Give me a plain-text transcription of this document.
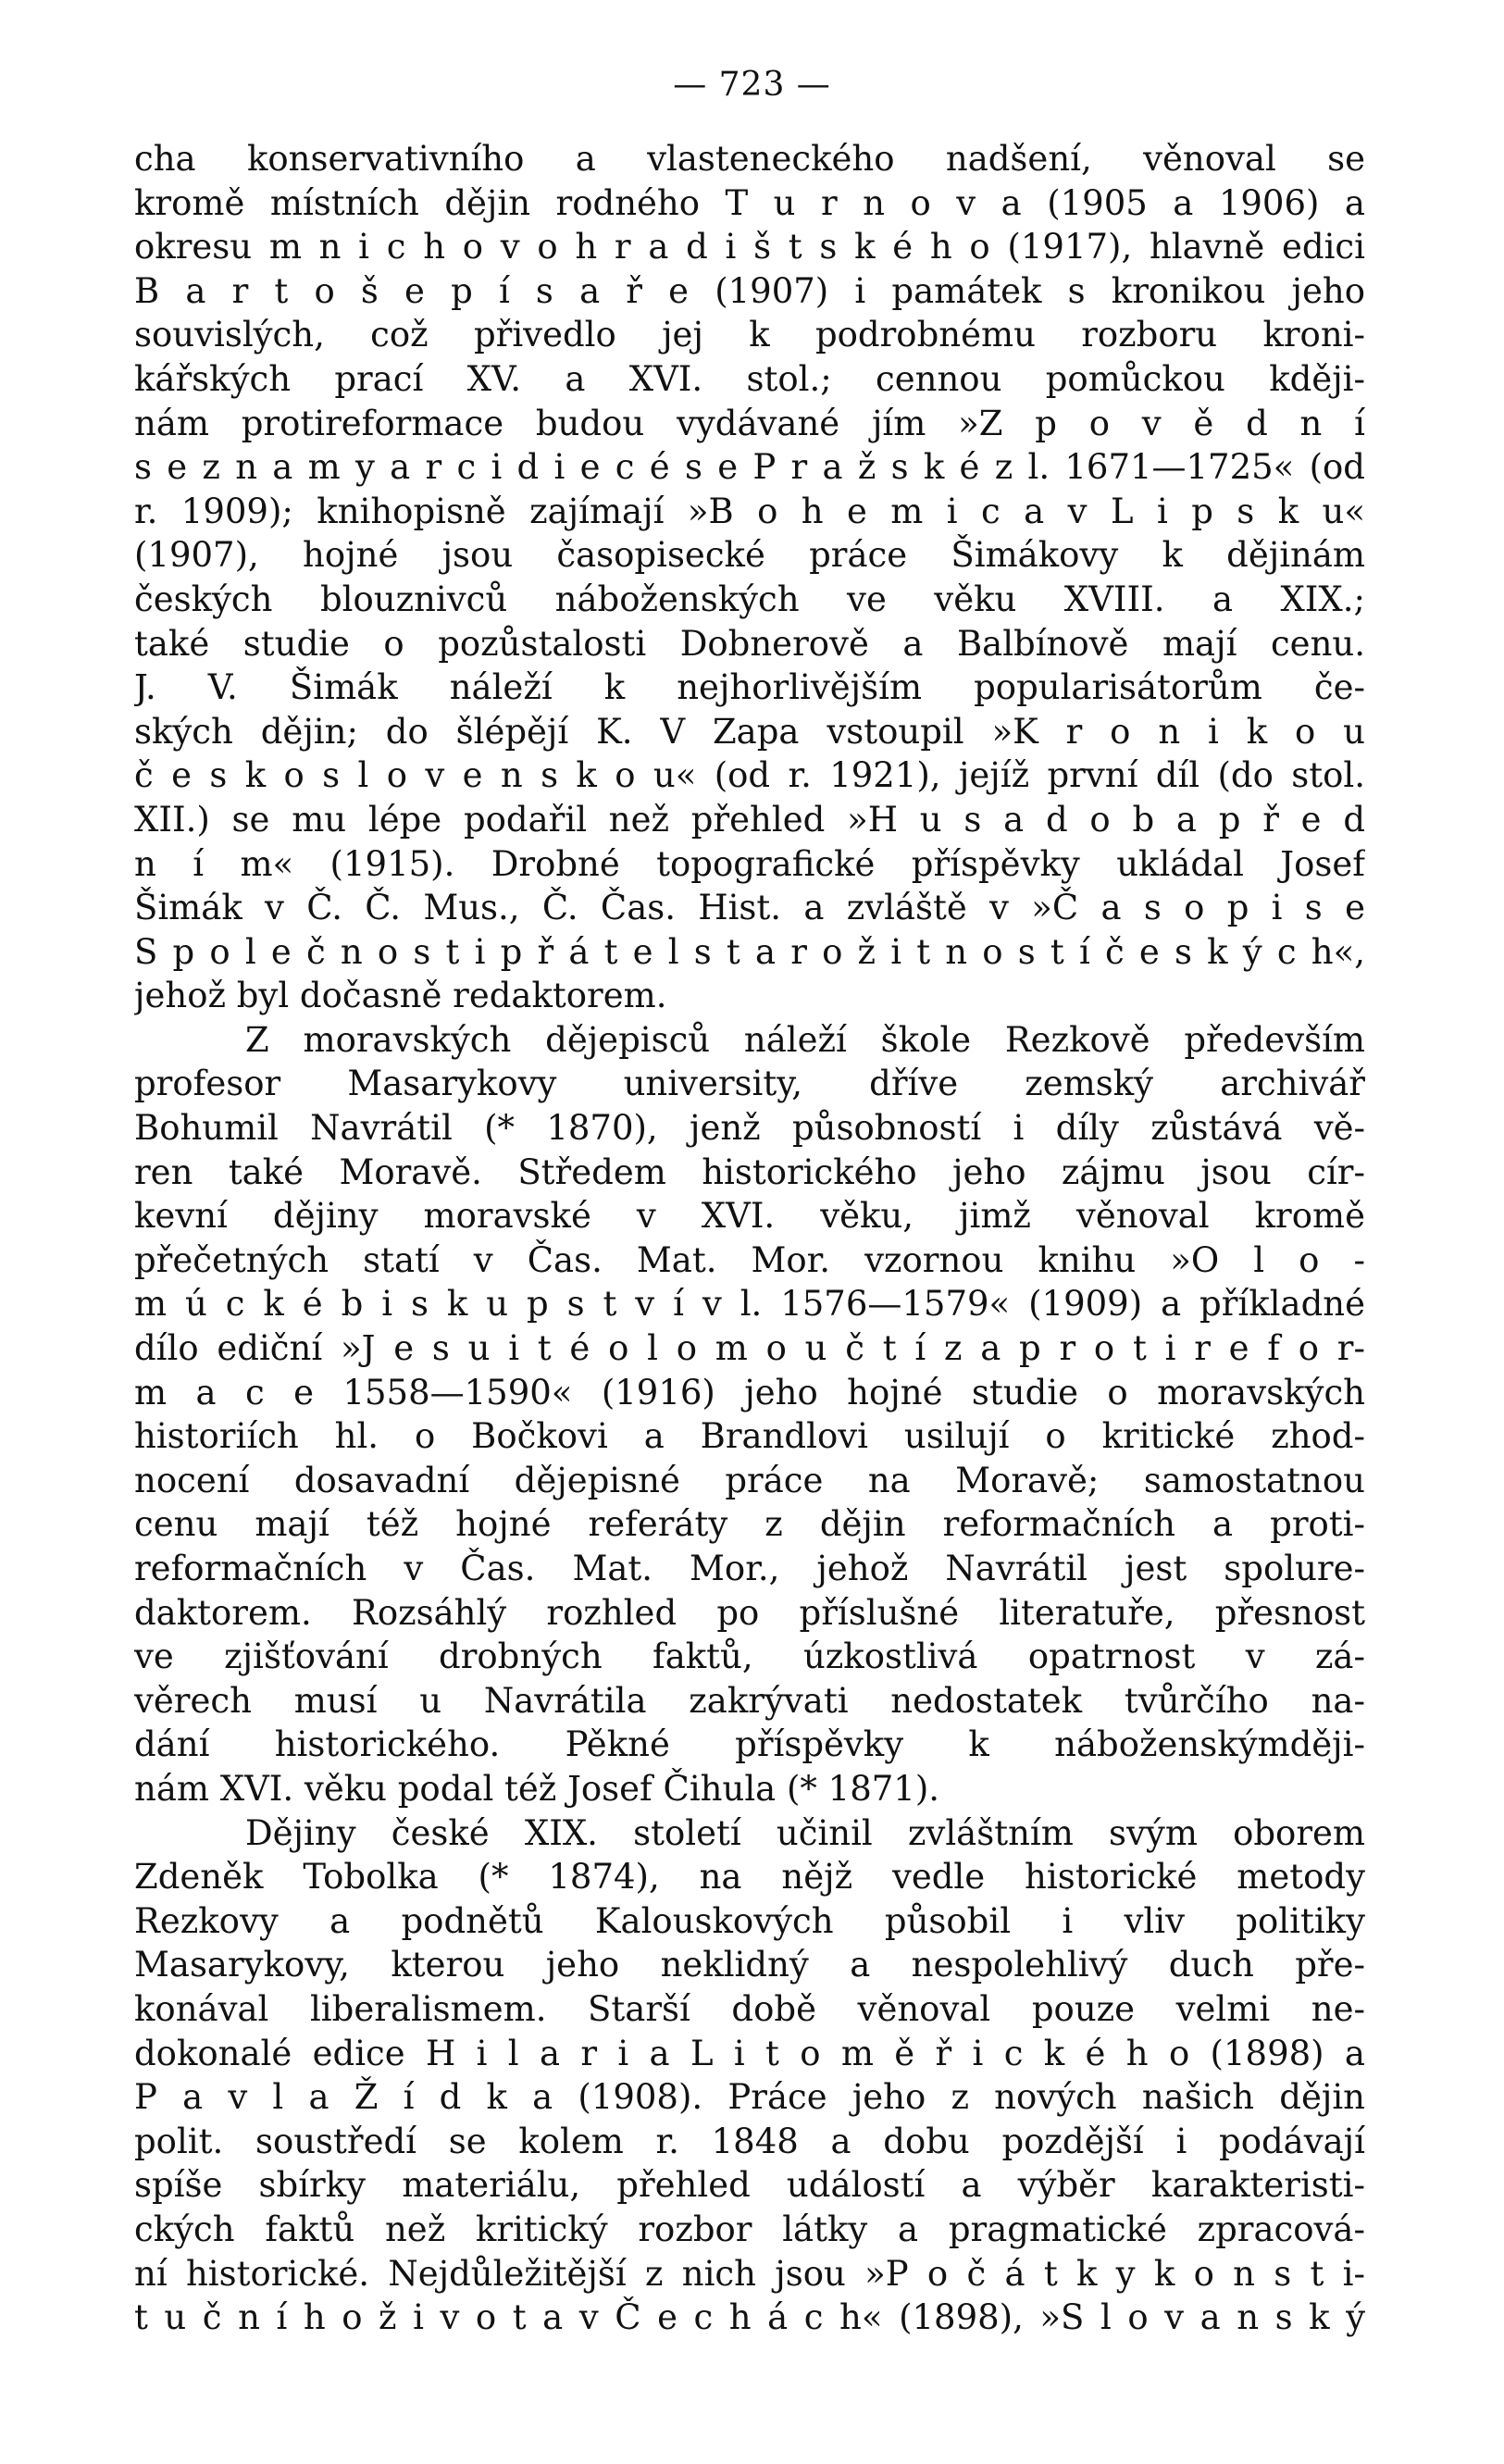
— 723 —
cha konservativního a vlasteneckého nadšení, věnoval se
kromě místních dějin rodného T u r n o v a (1905 a 1906) a
okresu m n i c h o v o h r a d i š t s k é h o (1917), hlavně edici
B a r t o š e p í s a ř e (1907) i památek s kronikou jeho
souvislých, což přivedlo jej k podrobnému rozboru kroni-
kářských prací XV. a XVI. stol.; cennou pomůckou kději-
nám protireformace budou vydávané jím »Z p o v ě d n í
s e z n a m y a r c i d i e c é s e P r a ž s k é z l. 1671—1725« (od
r. 1909); knihopisně zajímají »B o h e m i c a v L i p s k u«
(1907), hojné jsou časopisecké práce Šimákovy k dějinám
českých blouznivců náboženských ve věku XVIII. a XIX.;
také studie o pozůstalosti Dobnerově a Balbínově mají cenu.
J. V. Šimák náleží k nejhorlivějším popularisátorům če-
ských dějin; do šlépějí K. V Zapa vstoupil »K r o n i k o u
č e s k o s l o v e n s k o u« (od r. 1921), jejíž první díl (do stol.
XII.) se mu lépe podařil než přehled »H u s a d o b a p ř e d
n í m« (1915). Drobné topografické příspěvky ukládal Josef
Šimák v Č. Č. Mus., Č. Čas. Hist. a zvláště v »Č a s o p i s e
S p o l e č n o s t i p ř á t e l s t a r o ž i t n o s t í č e s k ý c h«,
jehož byl dočasně redaktorem.
Z moravských dějepisců náleží škole Rezkově především
profesor Masarykovy university, dříve zemský archivář
Bohumil Navrátil (* 1870), jenž působností i díly zůstává vě-
ren také Moravě. Středem historického jeho zájmu jsou cír-
kevní dějiny moravské v XVI. věku, jimž věnoval kromě
přečetných statí v Čas. Mat. Mor. vzornou knihu »O l o -
m ú c k é b i s k u p s t v í v l. 1576—1579« (1909) a příkladné
dílo ediční »J e s u i t é o l o m o u č t í z a p r o t i r e f o r-
m a c e 1558—1590« (1916) jeho hojné studie o moravských
historiích hl. o Bočkovi a Brandlovi usilují o kritické zhod-
nocení dosavadní dějepisné práce na Moravě; samostatnou
cenu mají též hojné referáty z dějin reformačních a proti-
reformačních v Čas. Mat. Mor., jehož Navrátil jest spolure-
daktorem. Rozsáhlý rozhled po příslušné literatuře, přesnost
ve zjišťování drobných faktů, úzkostlivá opatrnost v zá-
věrech musí u Navrátila zakrývati nedostatek tvůrčího na-
dání historického. Pěkné příspěvky k náboženskýmději-
nám XVI. věku podal též Josef Čihula (* 1871).
Dějiny české XIX. století učinil zvláštním svým oborem
Zdeněk Tobolka (* 1874), na nějž vedle historické metody
Rezkovy a podnětů Kalouskových působil i vliv politiky
Masarykovy, kterou jeho neklidný a nespolehlivý duch pře-
konával liberalismem. Starší době věnoval pouze velmi ne-
dokonalé edice H i l a r i a L i t o m ě ř i c k é h o (1898) a
P a v l a Ž í d k a (1908). Práce jeho z nových našich dějin
polit. soustředí se kolem r. 1848 a dobu pozdější i podávají
spíše sbírky materiálu, přehled událostí a výběr karakteristi-
ckých faktů než kritický rozbor látky a pragmatické zpracová-
ní historické. Nejdůležitější z nich jsou »P o č á t k y k o n s t i-
t u č n í h o ž i v o t a v Č e c h á c h« (1898), »S l o v a n s k ý
